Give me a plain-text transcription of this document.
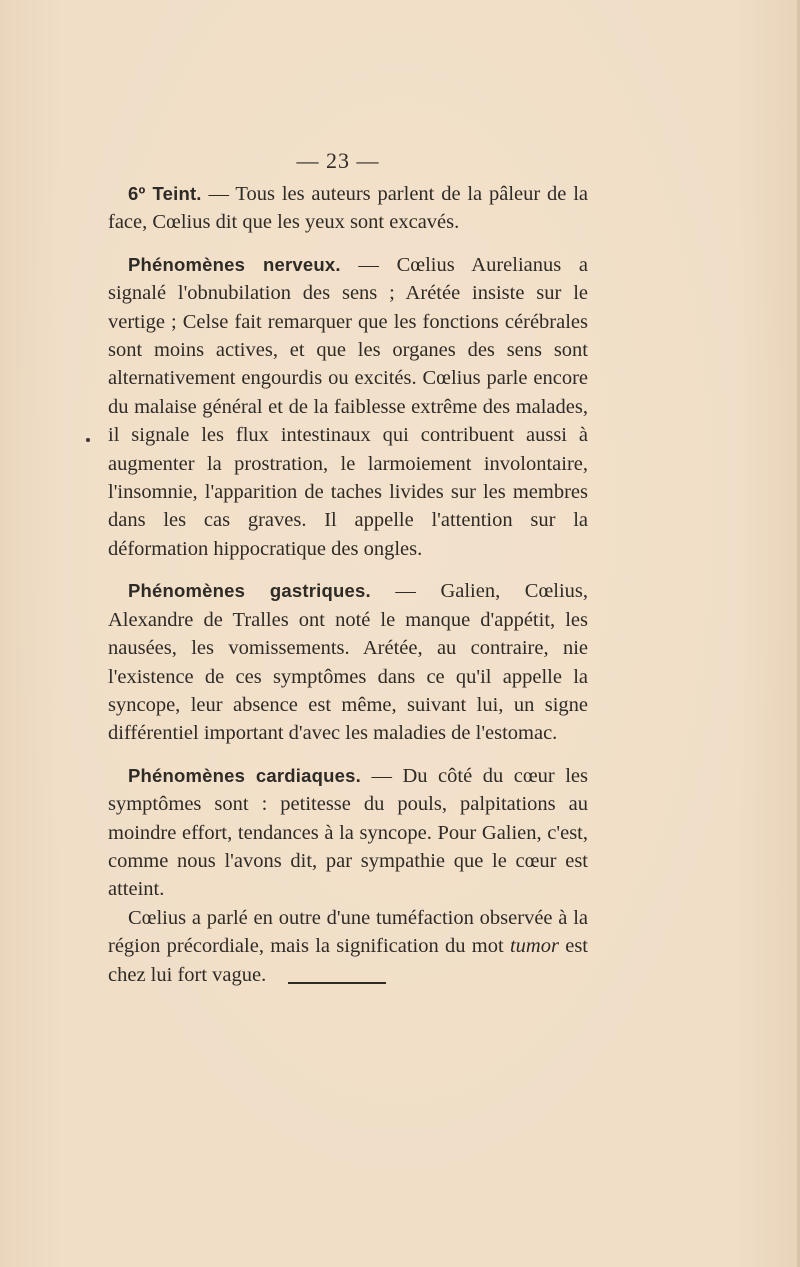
— 23 —

6º Teint. — Tous les auteurs parlent de la pâleur de la face, Cœlius dit que les yeux sont excavés.

Phénomènes nerveux. — Cœlius Aurelianus a signalé l'obnubilation des sens ; Arétée insiste sur le vertige ; Celse fait remarquer que les fonctions cérébrales sont moins actives, et que les organes des sens sont alternativement engourdis ou excités. Cœlius parle encore du malaise général et de la faiblesse extrême des malades, il signale les flux intestinaux qui contribuent aussi à augmenter la prostration, le larmoiement involontaire, l'insomnie, l'apparition de taches livides sur les membres dans les cas graves. Il appelle l'attention sur la déformation hippocratique des ongles.

Phénomènes gastriques. — Galien, Cœlius, Alexandre de Tralles ont noté le manque d'appétit, les nausées, les vomissements. Arétée, au contraire, nie l'existence de ces symptômes dans ce qu'il appelle la syncope, leur absence est même, suivant lui, un signe différentiel important d'avec les maladies de l'estomac.

Phénomènes cardiaques. — Du côté du cœur les symptômes sont : petitesse du pouls, palpitations au moindre effort, tendances à la syncope. Pour Galien, c'est, comme nous l'avons dit, par sympathie que le cœur est atteint.

Cœlius a parlé en outre d'une tuméfaction observée à la région précordiale, mais la signification du mot tumor est chez lui fort vague.
